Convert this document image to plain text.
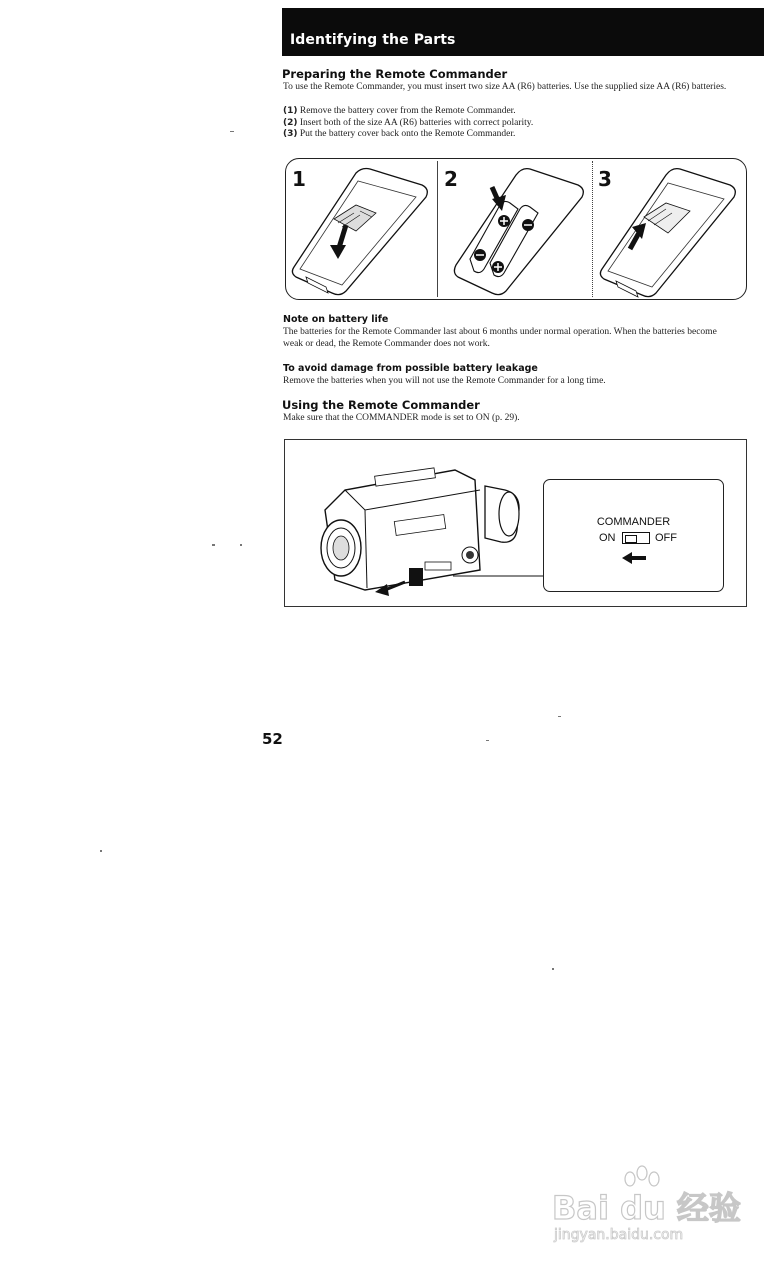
Identifying the Parts
Preparing the Remote Commander
To use the Remote Commander, you must insert two size AA (R6) batteries. Use the supplied size AA (R6) batteries.
(1) Remove the battery cover from the Remote Commander.
(2) Insert both of the size AA (R6) batteries with correct polarity.
(3) Put the battery cover back onto the Remote Commander.
1	2	3
Note on battery life
The batteries for the Remote Commander last about 6 months under normal operation. When the batteries become weak or dead, the Remote Commander does not work.
To avoid damage from possible battery leakage
Remove the batteries when you will not use the Remote Commander for a long time.
Using the Remote Commander
Make sure that the COMMANDER mode is set to ON (p. 29).
COMMANDER
ON	OFF
52
Bai du 经验
jingyan.baidu.com
